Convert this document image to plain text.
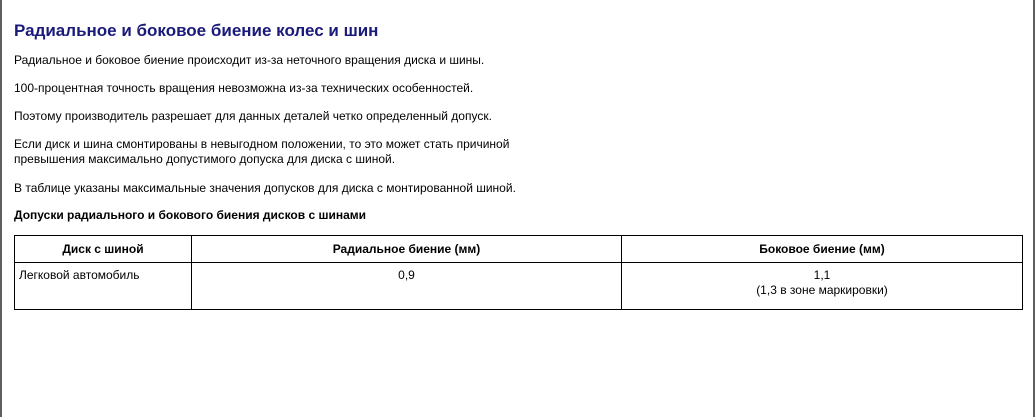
Радиальное и боковое биение колес и шин

Радиальное и боковое биение происходит из-за неточного вращения диска и шины.

100-процентная точность вращения невозможна из-за технических особенностей.

Поэтому производитель разрешает для данных деталей четко определенный допуск.

Если диск и шина смонтированы в невыгодном положении, то это может стать причиной
превышения максимально допустимого допуска для диска с шиной.

В таблице указаны максимальные значения допусков для диска с монтированной шиной.

Допуски радиального и бокового биения дисков с шинами

Диск с шиной	Радиальное биение (мм)	Боковое биение (мм)
Легковой автомобиль	0,9	1,1
(1,3 в зоне маркировки)
